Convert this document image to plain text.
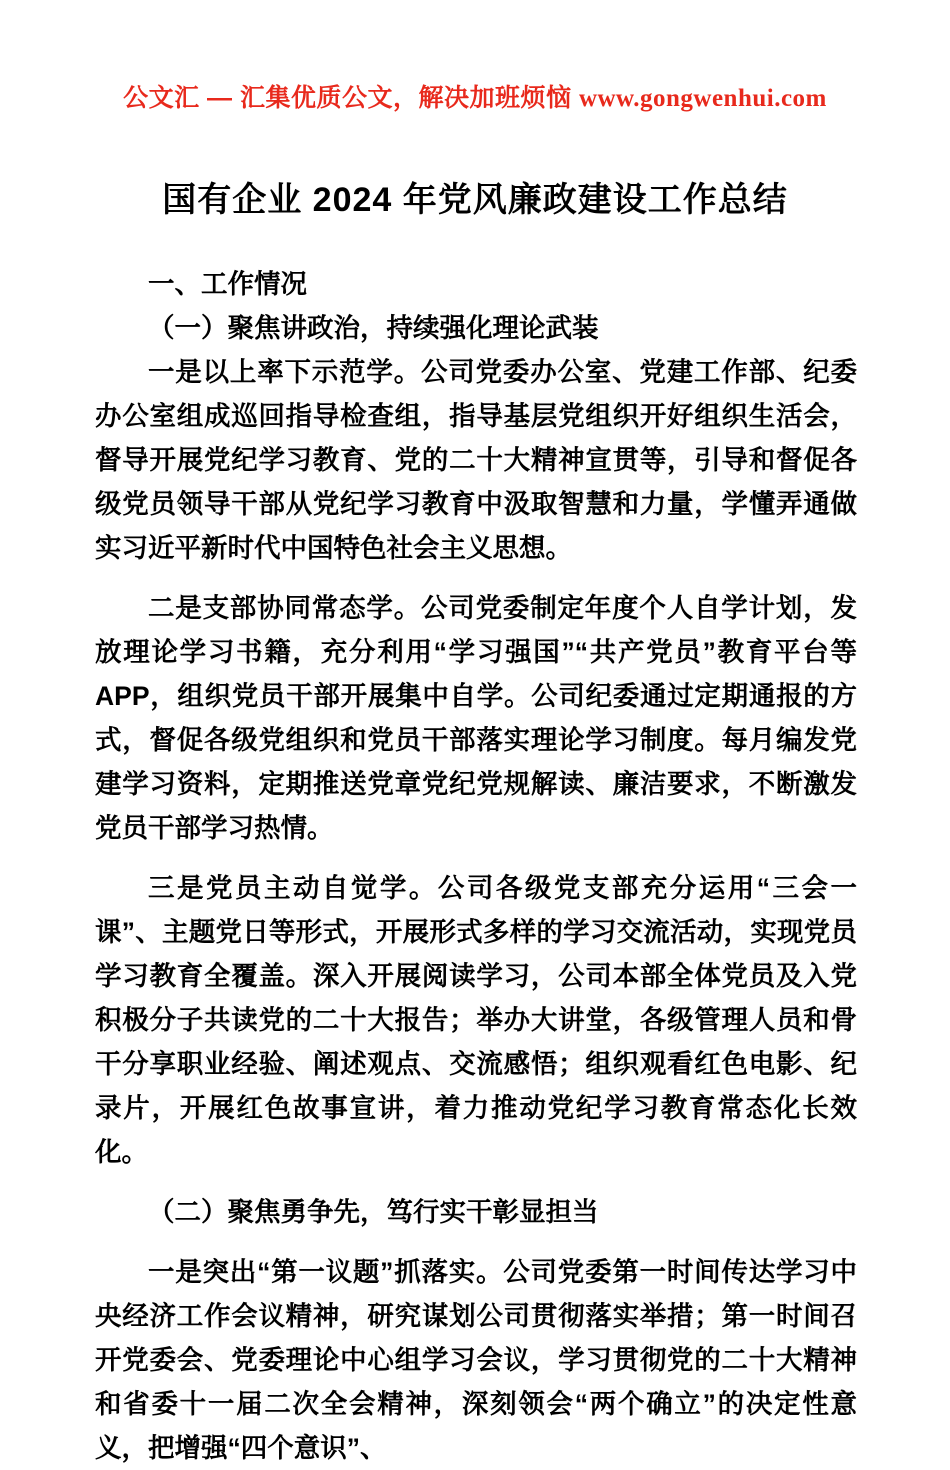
公文汇 — 汇集优质公文，解决加班烦恼 www.gongwenhui.com
国有企业 2024 年党风廉政建设工作总结

一、工作情况

（一）聚焦讲政治，持续强化理论武装

一是以上率下示范学。公司党委办公室、党建工作部、纪委办公室组成巡回指导检查组，指导基层党组织开好组织生活会，督导开展党纪学习教育、党的二十大精神宣贯等，引导和督促各级党员领导干部从党纪学习教育中汲取智慧和力量，学懂弄通做实习近平新时代中国特色社会主义思想。

二是支部协同常态学。公司党委制定年度个人自学计划，发放理论学习书籍，充分利用“学习强国”“共产党员”教育平台等 APP，组织党员干部开展集中自学。公司纪委通过定期通报的方式，督促各级党组织和党员干部落实理论学习制度。每月编发党建学习资料，定期推送党章党纪党规解读、廉洁要求，不断激发党员干部学习热情。

三是党员主动自觉学。公司各级党支部充分运用“三会一课”、主题党日等形式，开展形式多样的学习交流活动，实现党员学习教育全覆盖。深入开展阅读学习，公司本部全体党员及入党积极分子共读党的二十大报告；举办大讲堂，各级管理人员和骨干分享职业经验、阐述观点、交流感悟；组织观看红色电影、纪录片，开展红色故事宣讲，着力推动党纪学习教育常态化长效化。

（二）聚焦勇争先，笃行实干彰显担当

一是突出“第一议题”抓落实。公司党委第一时间传达学习中央经济工作会议精神，研究谋划公司贯彻落实举措；第一时间召开党委会、党委理论中心组学习会议，学习贯彻党的二十大精神和省委十一届二次全会精神，深刻领会“两个确立”的决定性意义，把增强“四个意识”、
